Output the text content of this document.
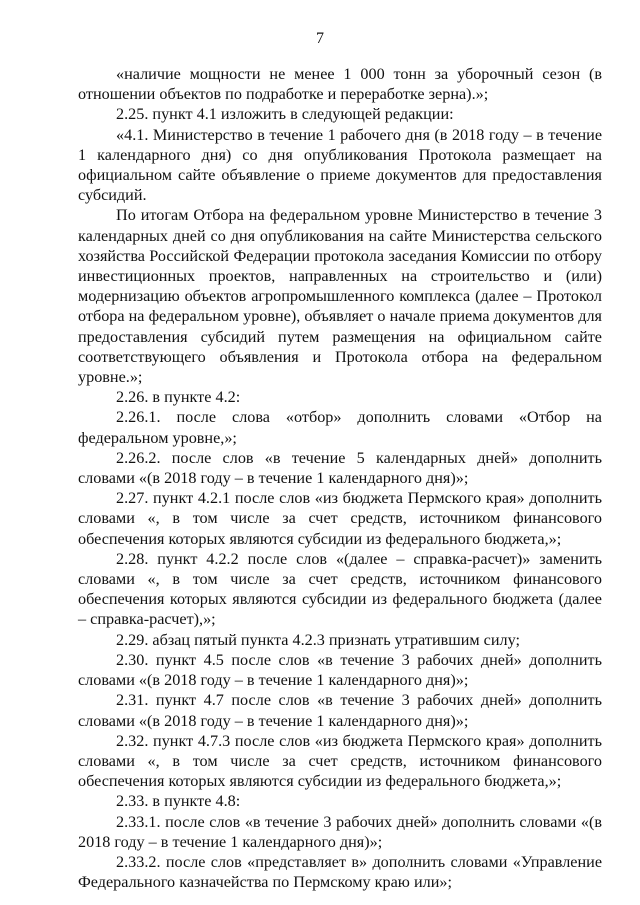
7

«наличие мощности не менее 1 000 тонн за уборочный сезон (в отношении объектов по подработке и переработке зерна).»;

2.25. пункт 4.1 изложить в следующей редакции:

«4.1. Министерство в течение 1 рабочего дня (в 2018 году – в течение 1 календарного дня) со дня опубликования Протокола размещает на официальном сайте объявление о приеме документов для предоставления субсидий.

По итогам Отбора на федеральном уровне Министерство в течение 3 календарных дней со дня опубликования на сайте Министерства сельского хозяйства Российской Федерации протокола заседания Комиссии по отбору инвестиционных проектов, направленных на строительство и (или) модернизацию объектов агропромышленного комплекса (далее – Протокол отбора на федеральном уровне), объявляет о начале приема документов для предоставления субсидий путем размещения на официальном сайте соответствующего объявления и Протокола отбора на федеральном уровне.»;

2.26. в пункте 4.2:

2.26.1. после слова «отбор» дополнить словами «Отбор на федеральном уровне,»;

2.26.2. после слов «в течение 5 календарных дней» дополнить словами «(в 2018 году – в течение 1 календарного дня)»;

2.27. пункт 4.2.1 после слов «из бюджета Пермского края» дополнить словами «, в том числе за счет средств, источником финансового обеспечения которых являются субсидии из федерального бюджета,»;

2.28. пункт 4.2.2 после слов «(далее – справка-расчет)» заменить словами «, в том числе за счет средств, источником финансового обеспечения которых являются субсидии из федерального бюджета (далее – справка-расчет),»;

2.29. абзац пятый пункта 4.2.3 признать утратившим силу;

2.30. пункт 4.5 после слов «в течение 3 рабочих дней» дополнить словами «(в 2018 году – в течение 1 календарного дня)»;

2.31. пункт 4.7 после слов «в течение 3 рабочих дней» дополнить словами «(в 2018 году – в течение 1 календарного дня)»;

2.32. пункт 4.7.3 после слов «из бюджета Пермского края» дополнить словами «, в том числе за счет средств, источником финансового обеспечения которых являются субсидии из федерального бюджета,»;

2.33. в пункте 4.8:

2.33.1. после слов «в течение 3 рабочих дней» дополнить словами «(в 2018 году – в течение 1 календарного дня)»;

2.33.2. после слов «представляет в» дополнить словами «Управление Федерального казначейства по Пермскому краю или»;
